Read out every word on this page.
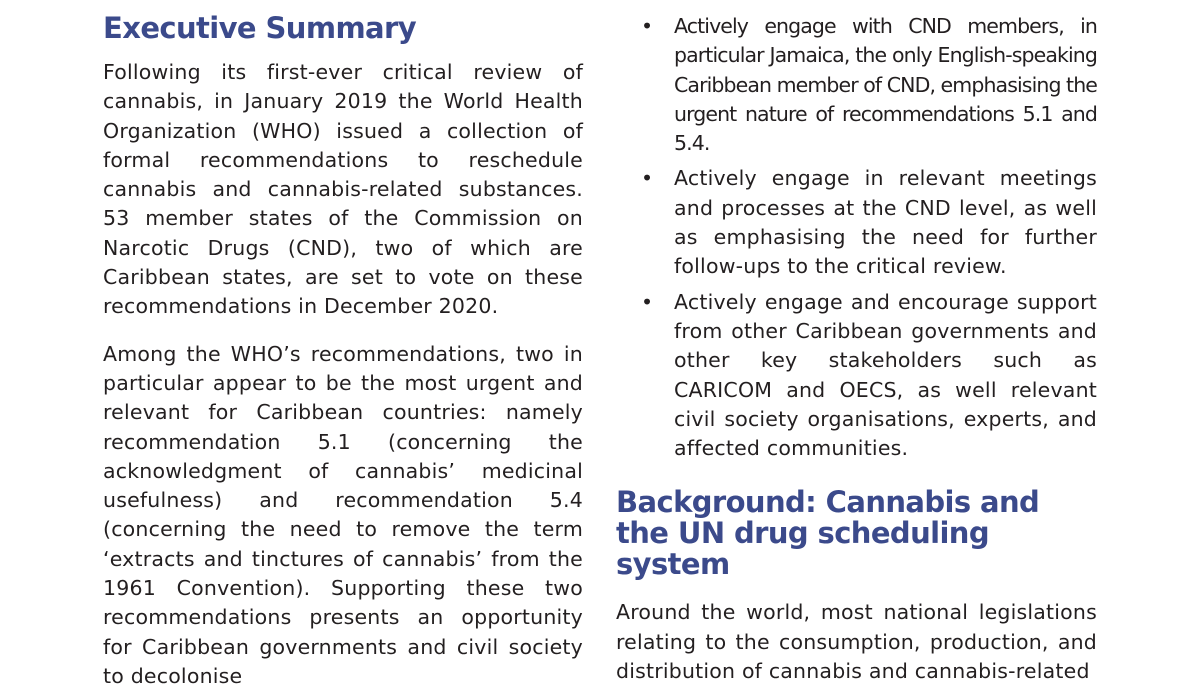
Executive Summary

Following its first-ever critical review of cannabis, in January 2019 the World Health Organization (WHO) issued a collection of formal recommendations to reschedule cannabis and cannabis-related substances. 53 member states of the Commission on Narcotic Drugs (CND), two of which are Caribbean states, are set to vote on these recommendations in December 2020.

Among the WHO’s recommendations, two in particular appear to be the most urgent and relevant for Caribbean countries: namely recommendation 5.1 (concerning the acknowledgment of cannabis’ medicinal usefulness) and recommendation 5.4 (concerning the need to remove the term ‘extracts and tinctures of cannabis’ from the 1961 Convention). Supporting these two recommendations presents an opportunity for Caribbean governments and civil society to decolonise

• Actively engage with CND members, in particular Jamaica, the only English-speaking Caribbean member of CND, emphasising the urgent nature of recommendations 5.1 and 5.4.
• Actively engage in relevant meetings and processes at the CND level, as well as emphasising the need for further follow-ups to the critical review.
• Actively engage and encourage support from other Caribbean governments and other key stakeholders such as CARICOM and OECS, as well relevant civil society organisations, experts, and affected communities.
Background: Cannabis and the UN drug scheduling system

Around the world, most national legislations relating to the consumption, production, and distribution of cannabis and cannabis-related
